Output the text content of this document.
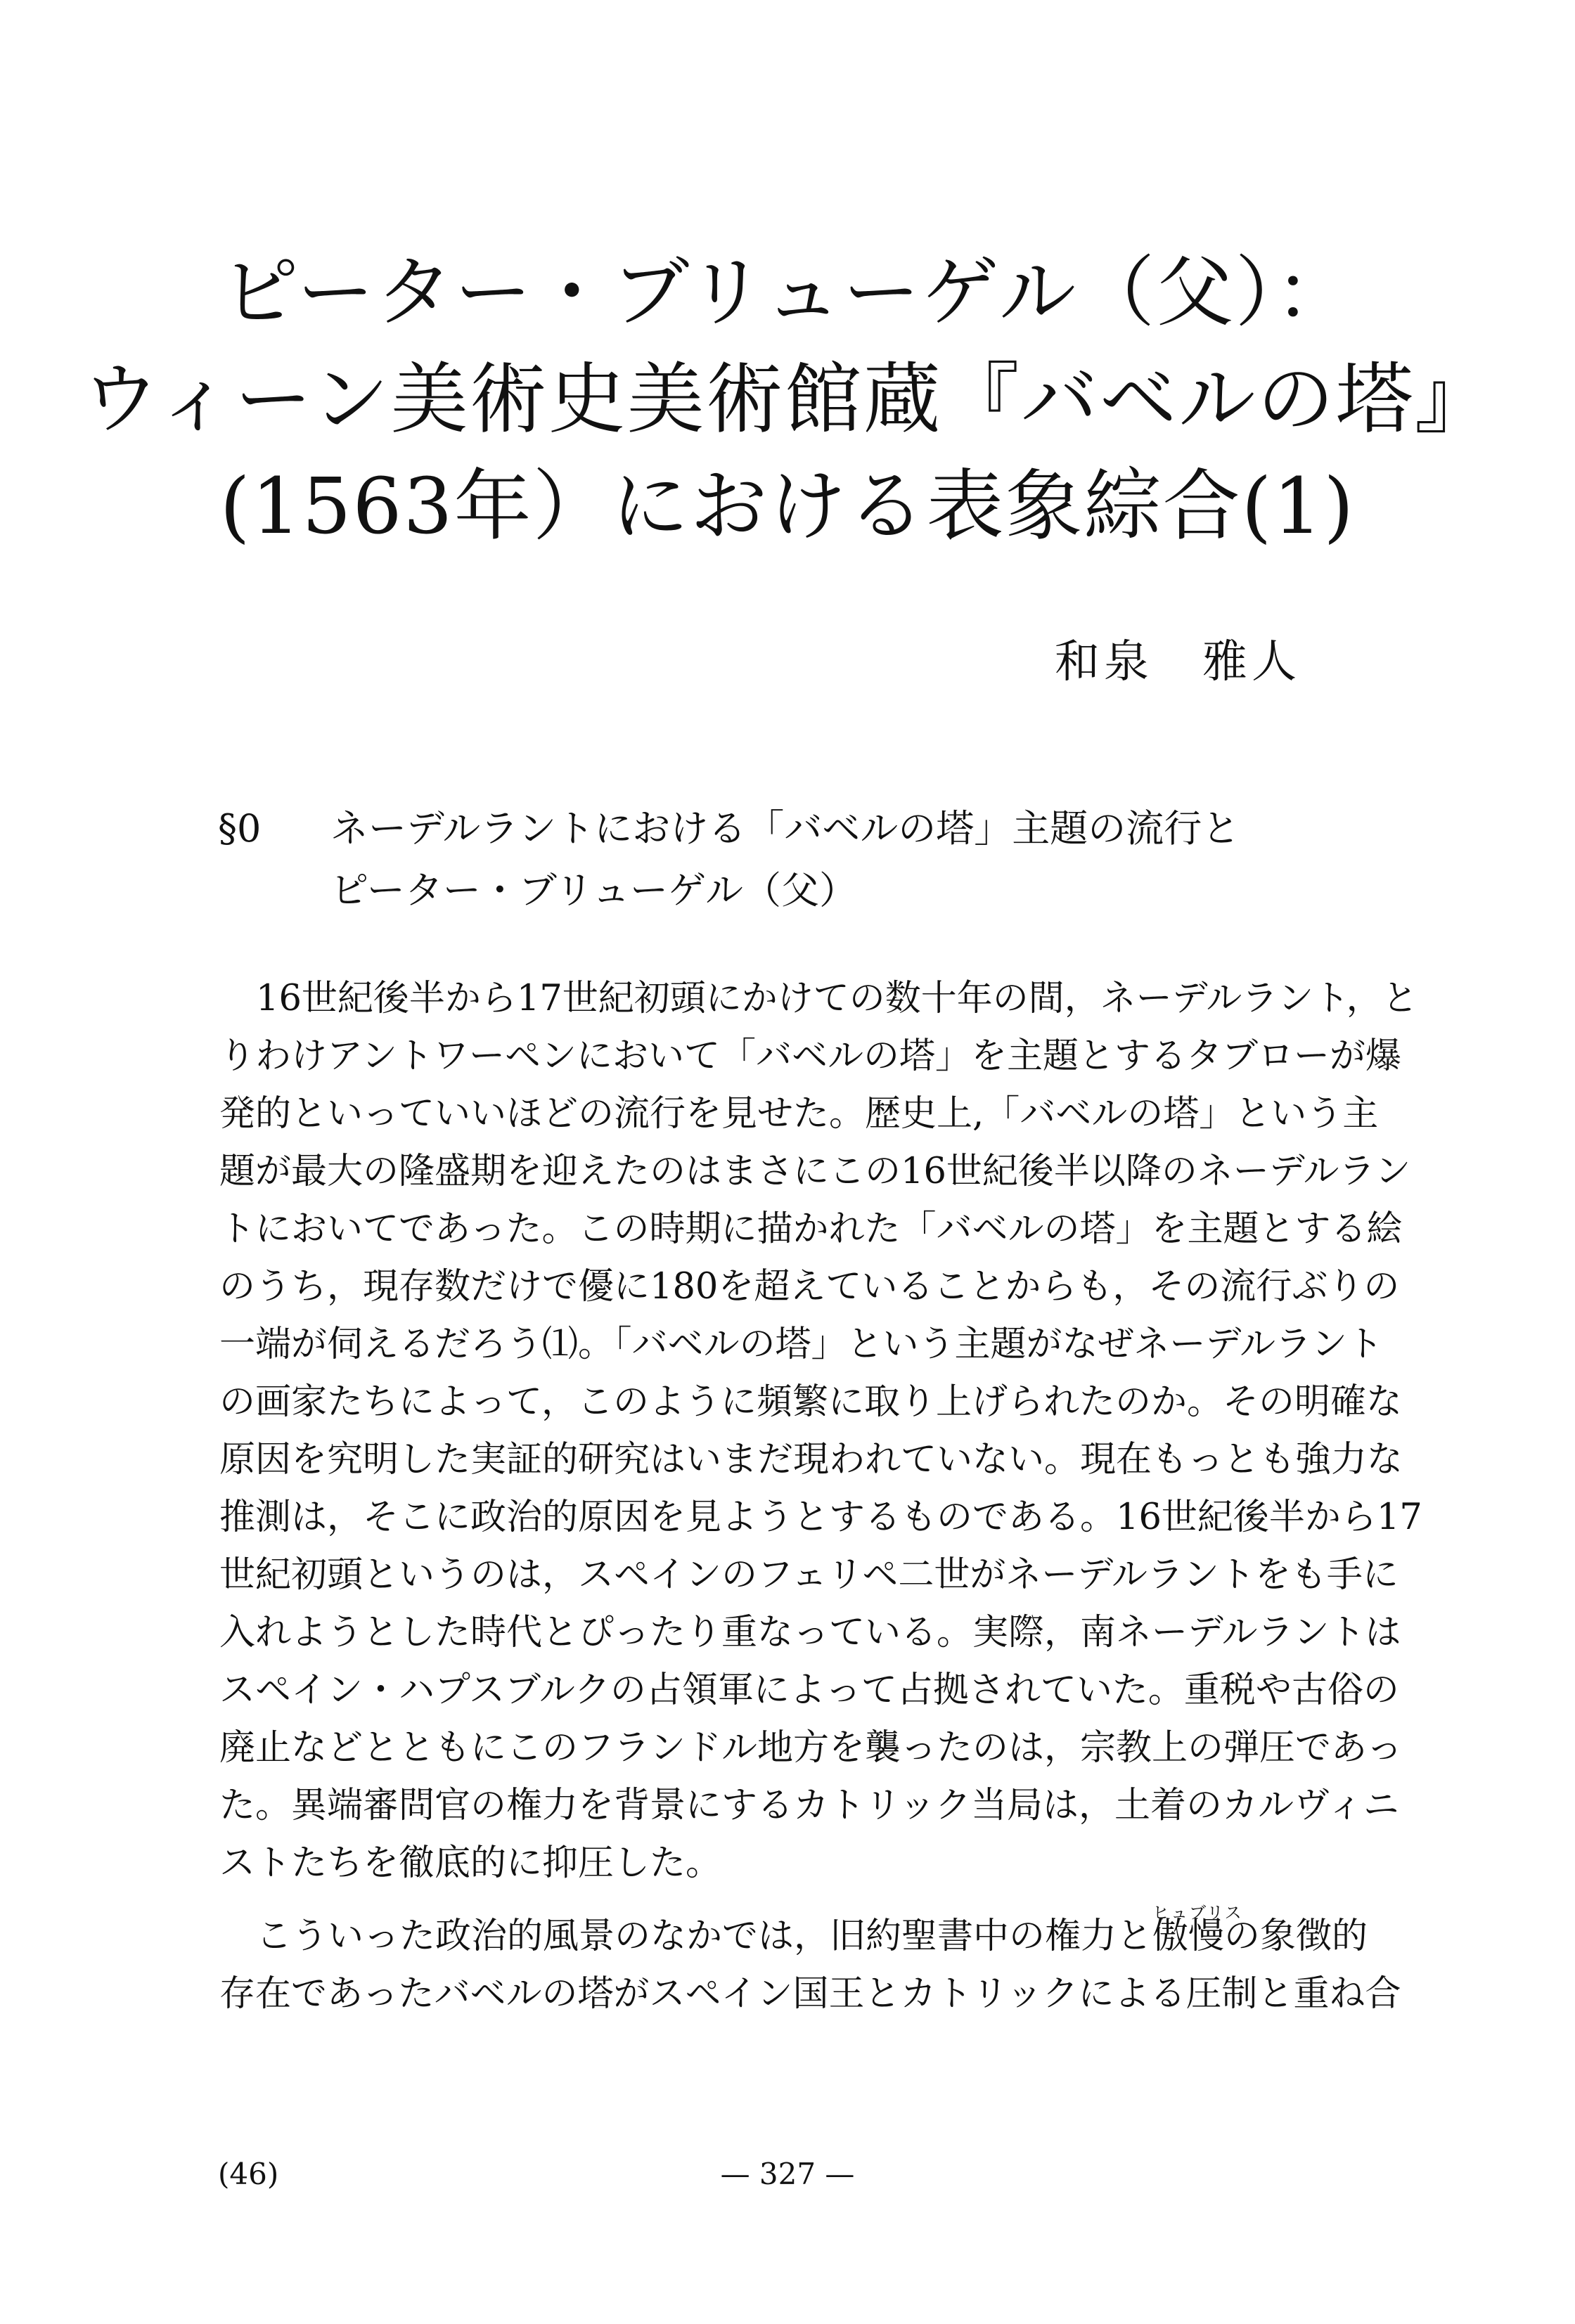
ピーター・ブリューゲル（父）：
ウィーン美術史美術館蔵『バベルの塔』
(1563年）における表象綜合(1)
和泉 雅人
§0	ネーデルラントにおける「バベルの塔」主題の流行と
ピーター・ブリューゲル（父）
16世紀後半から17世紀初頭にかけての数十年の間，ネーデルラント，と
りわけアントワーペンにおいて「バベルの塔」を主題とするタブローが爆
発的といっていいほどの流行を見せた。歴史上,「バベルの塔」という主
題が最大の隆盛期を迎えたのはまさにこの16世紀後半以降のネーデルラン
トにおいてであった。この時期に描かれた「バベルの塔」を主題とする絵
のうち，現存数だけで優に180を超えていることからも，その流行ぶりの
一端が伺えるだろう⑴。「バベルの塔」という主題がなぜネーデルラント
の画家たちによって，このように頻繁に取り上げられたのか。その明確な
原因を究明した実証的研究はいまだ現われていない。現在もっとも強力な
推測は，そこに政治的原因を見ようとするものである。16世紀後半から17
世紀初頭というのは，スペインのフェリペ二世がネーデルラントをも手に
入れようとした時代とぴったり重なっている。実際，南ネーデルラントは
スペイン・ハプスブルクの占領軍によって占拠されていた。重税や古俗の
廃止などとともにこのフランドル地方を襲ったのは，宗教上の弾圧であっ
た。異端審問官の権力を背景にするカトリック当局は，土着のカルヴィニ
ストたちを徹底的に抑圧した。
こういった政治的風景のなかでは，旧約聖書中の権力と
ヒュブリス
傲慢の象徴的
存在であったバベルの塔がスペイン国王とカトリックによる圧制と重ね合
(46)	— 327 —
